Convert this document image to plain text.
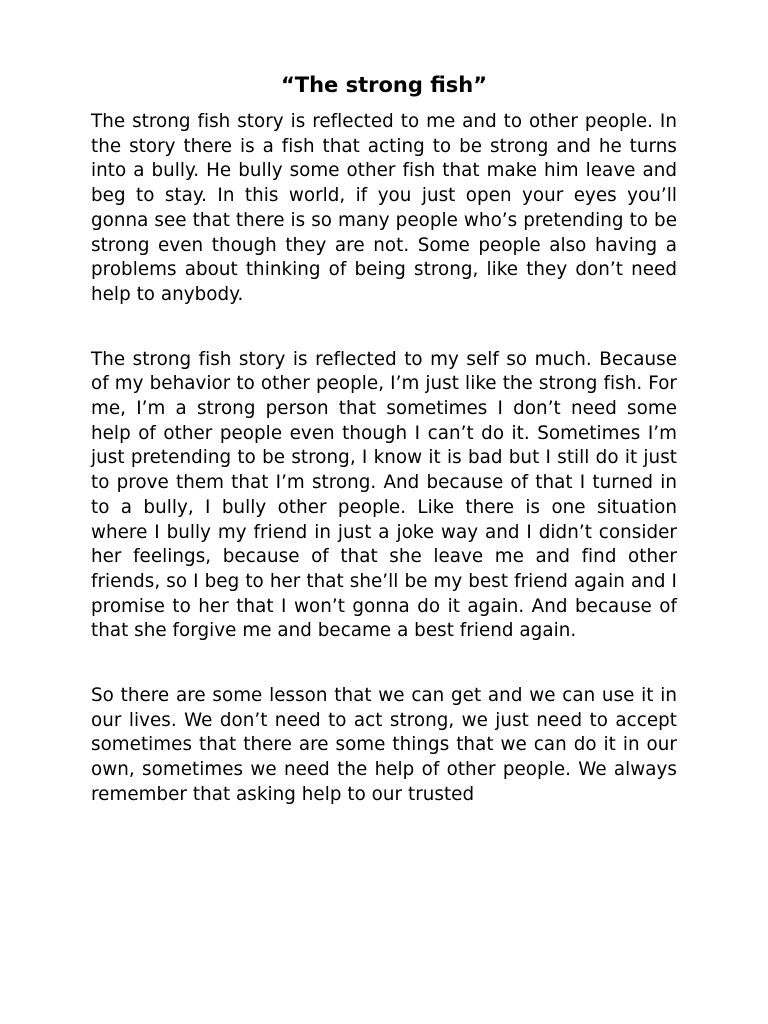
“The strong fish”

The strong fish story is reflected to me and to other people. In the story there is a fish that acting to be strong and he turns into a bully. He bully some other fish that make him leave and beg to stay. In this world, if you just open your eyes you’ll gonna see that there is so many people who’s pretending to be strong even though they are not. Some people also having a problems about thinking of being strong, like they don’t need help to anybody.

The strong fish story is reflected to my self so much. Because of my behavior to other people, I’m just like the strong fish. For me, I’m a strong person that sometimes I don’t need some help of other people even though I can’t do it. Sometimes I’m just pretending to be strong, I know it is bad but I still do it just to prove them that I’m strong. And because of that I turned in to a bully, I bully other people. Like there is one situation where I bully my friend in just a joke way and I didn’t consider her feelings, because of that she leave me and find other friends, so I beg to her that she’ll be my best friend again and I promise to her that I won’t gonna do it again. And because of that she forgive me and became a best friend again.

So there are some lesson that we can get and we can use it in our lives. We don’t need to act strong, we just need to accept sometimes that there are some things that we can do it in our own, sometimes we need the help of other people. We always remember that asking help to our trusted
